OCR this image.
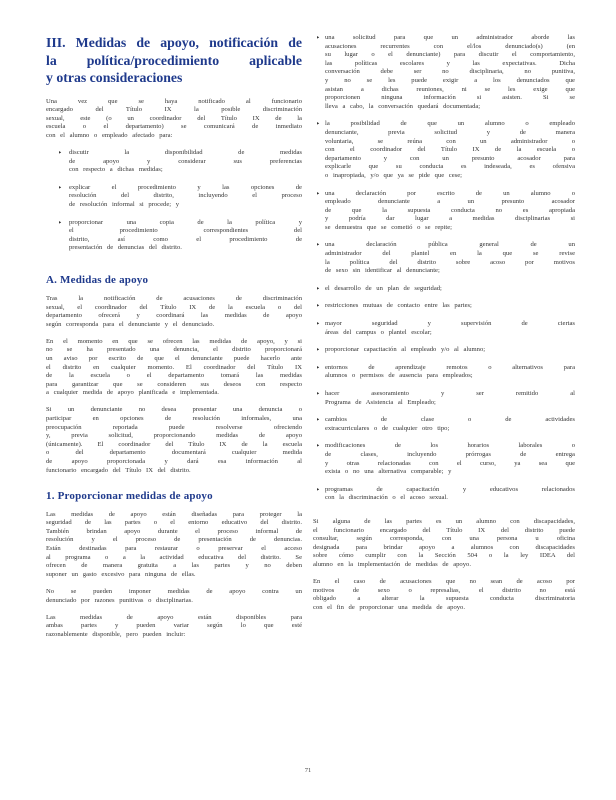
III. Medidas de apoyo, notificación de
la política/procedimiento aplicable
y otras consideraciones

Una vez que se haya notificado al funcionario

encargado del Título IX la posible discriminación

sexual, este (o un coordinador del Título IX de la

escuela o el departamento) se comunicará de inmediato

con el alumno o empleado afectado para:

‣ discutir la disponibilidad de medidas

de apoyo y considerar sus preferencias

con respecto a dichas medidas;

‣ explicar el procedimiento y las opciones de

resolución del distrito, incluyendo el proceso

de resolución informal si procede; y

‣ proporcionar una copia de la política y

el procedimiento correspondientes del

distrito, así como el procedimiento de

presentación de denuncias del distrito.

A. Medidas de apoyo

Tras la notificación de acusaciones de discriminación

sexual, el coordinador del Título IX de la escuela o del

departamento ofrecerá y coordinará las medidas de apoyo

según corresponda para el denunciante y el denunciado.

En el momento en que se ofrecen las medidas de apoyo, y si

no se ha presentado una denuncia, el distrito proporcionará

un aviso por escrito de que el denunciante puede hacerlo ante

el distrito en cualquier momento. El coordinador del Título IX

de la escuela o el departamento tomará las medidas

para garantizar que se consideren sus deseos con respecto

a cualquier medida de apoyo planificada e implementada.

Si un denunciante no desea presentar una denuncia o

participar en opciones de resolución informales, una

preocupación reportada puede resolverse ofreciendo

y, previa solicitud, proporcionando medidas de apoyo

(únicamente). El coordinador del Título IX de la escuela

o del departamento documentará cualquier medida

de apoyo proporcionada y dará esa información al

funcionario encargado del Título IX del distrito.

1. Proporcionar medidas de apoyo

Las medidas de apoyo están diseñadas para proteger la

seguridad de las partes o el entorno educativo del distrito.

También brindan apoyo durante el proceso informal de

resolución y el proceso de presentación de denuncias.

Están destinadas para restaurar o preservar el acceso

al programa o a la actividad educativa del distrito. Se

ofrecen de manera gratuita a las partes y no deben

suponer un gasto excesivo para ninguna de ellas.

No se pueden imponer medidas de apoyo contra un

denunciado por razones punitivas o disciplinarias.

Las medidas de apoyo están disponibles para

ambas partes y pueden variar según lo que esté

razonablemente disponible, pero pueden incluir:

‣ una solicitud para que un administrador aborde las

acusaciones recurrentes con el/los denunciado(s) (en

su lugar o el denunciante) para discutir el comportamiento,

las políticas escolares y las expectativas. Dicha

conversación debe ser no disciplinaria, no punitiva,

y no se les puede exigir a los denunciados que

asistan a dichas reuniones, ni se les exige que

proporcionen ninguna información si asisten. Si se

lleva a cabo, la conversación quedará documentada;

‣ la posibilidad de que un alumno o empleado

denunciante, previa solicitud y de manera

voluntaria, se reúna con un administrador o

con el coordinador del Título IX de la escuela o

departamento y con un presunto acosador para

explicarle que su conducta es indeseada, es ofensiva

o inapropiada, y/o que ya se pide que cese;

‣ una declaración por escrito de un alumno o

empleado denunciante a un presunto acosador

de que la supuesta conducta no es apropiada

y podría dar lugar a medidas disciplinarias si

se demuestra que se cometió o se repite;

‣ una declaración pública general de un

administrador del plantel en la que se revise

la política del distrito sobre acoso por motivos

de sexo sin identificar al denunciante;

‣ el desarrollo de un plan de seguridad;

‣ restricciones mutuas de contacto entre las partes;

‣ mayor seguridad y supervisión de ciertas

áreas del campus o plantel escolar;

‣ proporcionar capacitación al empleado y/o al alumno;

‣ entornos de aprendizaje remotos o alternativos para

alumnos o permisos de ausencia para empleados;

‣ hacer asesoramiento y ser remitido al

Programa de Asistencia al Empleado;

‣ cambios de clase o de actividades

extracurriculares o de cualquier otro tipo;

‣ modificaciones de los horarios laborales o

de clases, incluyendo prórrogas de entrega

y otras relacionadas con el curso, ya sea que

exista o no una alternativa comparable; y

‣ programas de capacitación y educativos relacionados

con la discriminación o el acoso sexual.

Si alguna de las partes es un alumno con discapacidades,

el funcionario encargado del Título IX del distrito puede

consultar, según corresponda, con una persona u oficina

designada para brindar apoyo a alumnos con discapacidades

sobre cómo cumplir con la Sección 504 o la ley IDEA del

alumno en la implementación de medidas de apoyo.

En el caso de acusaciones que no sean de acoso por

motivos de sexo o represalias, el distrito no está

obligado a alterar la supuesta conducta discriminatoria

con el fin de proporcionar una medida de apoyo.

71
